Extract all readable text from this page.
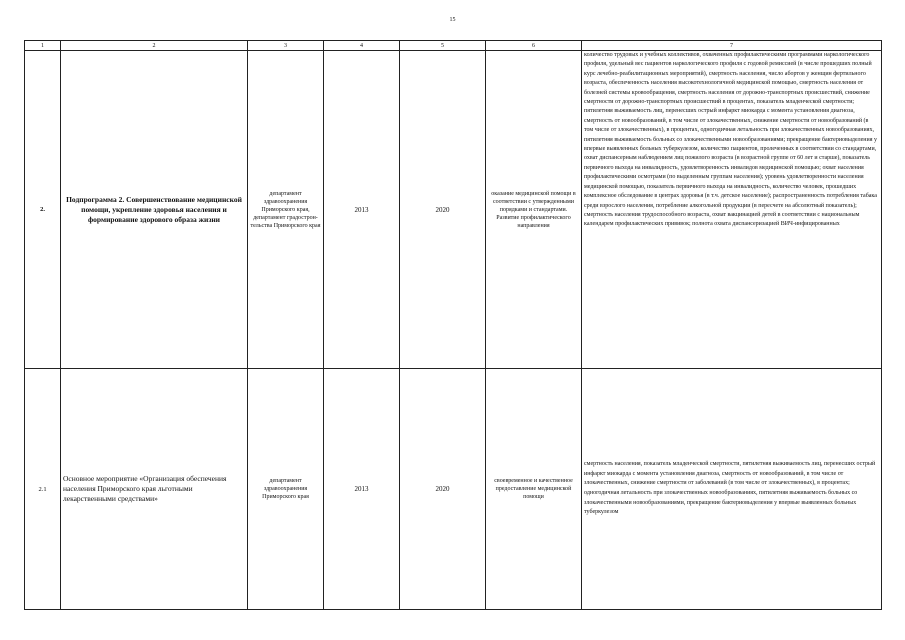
15
1	2	3	4	5	6	7
2.	Подпрограмма 2. Совершенствование медицинской помощи, укрепление здоровья населения и формирование здорового образа жизни	департамент здравоохранения Приморского края, департамент градострон-тельства Приморского края	2013	2020	оказание медицинской помощи в соответствии с утвержденными порядками и стандартами. Развитие профилактического направления	количество трудовых и учебных коллективов, охваченных профилактическими программами наркологического профиля, удельный вес пациентов наркологического профиля с годовой ремиссией (в числе прошедших полный курс лечебно-реабилитационных мероприятий), смертность населения, число абортов у женщин фертильного возраста, обеспеченность населения высокотехнологичной медицинской помощью, смертность населения от болезней системы кровообращения, смертность населения от дорожно-транспортных происшествий, снижение смертности от дорожно-транспортных происшествий в процентах, показатель младенческой смертности; пятилетняя выживаемость лиц, перенесших острый инфаркт миокарда с момента установления диагноза, смертность от новообразований, в том числе от злокачественных, снижение смертности от новообразований (в том числе от злокачественных), в процентах, одногодичная летальность при злокачественных новообразованиях, пятилетняя выживаемость больных со злокачественными новообразованиями; прекращение бактериовыделения у впервые выявленных больных туберкулезом, количество пациентов, пролеченных в соответствии со стандартами, охват диспансерным наблюдением лиц пожилого возраста (в возрастной группе от 60 лет и старше), показатель первичного выхода на инвалидность, удовлетворенность инвалидов медицинской помощью; охват населения профилактическими осмотрами (по выделенным группам населения); уровень удовлетворенности населения медицинской помощью, показатель первичного выхода на инвалидность, количество человек, прошедших комплексное обследование в центрах здоровья (в т.ч. детское население); распространенность потребления табака среди взрослого населения, потребление алкогольной продукции (в пересчете на абсолютный показатель); смертность населения трудоспособного возраста, охват вакцинацией детей в соответствии с национальным календарем профилактических прививок; полнота охвата диспансеризацией ВИЧ-инфицированных
2.1	Основное мероприятие «Организация обеспечения населения Приморского края льготными лекарственными средствами»	департамент здравоохранения Приморского края	2013	2020	своевременное и качественное предоставление медицинской помощи	смертность населения, показатель младенческой смертности, пятилетняя выживаемость лиц, перенесших острый инфаркт миокарда с момента установления диагноза, смертность от новообразований, в том числе от злокачественных, снижение смертности от заболеваний (в том числе от злокачественных), в процентах; одногодичная летальность при злокачественных новообразованиях, пятилетняя выживаемость больных со злокачественными новообразованиями, прекращение бактериовыделения у впервые выявленных больных туберкулезом
